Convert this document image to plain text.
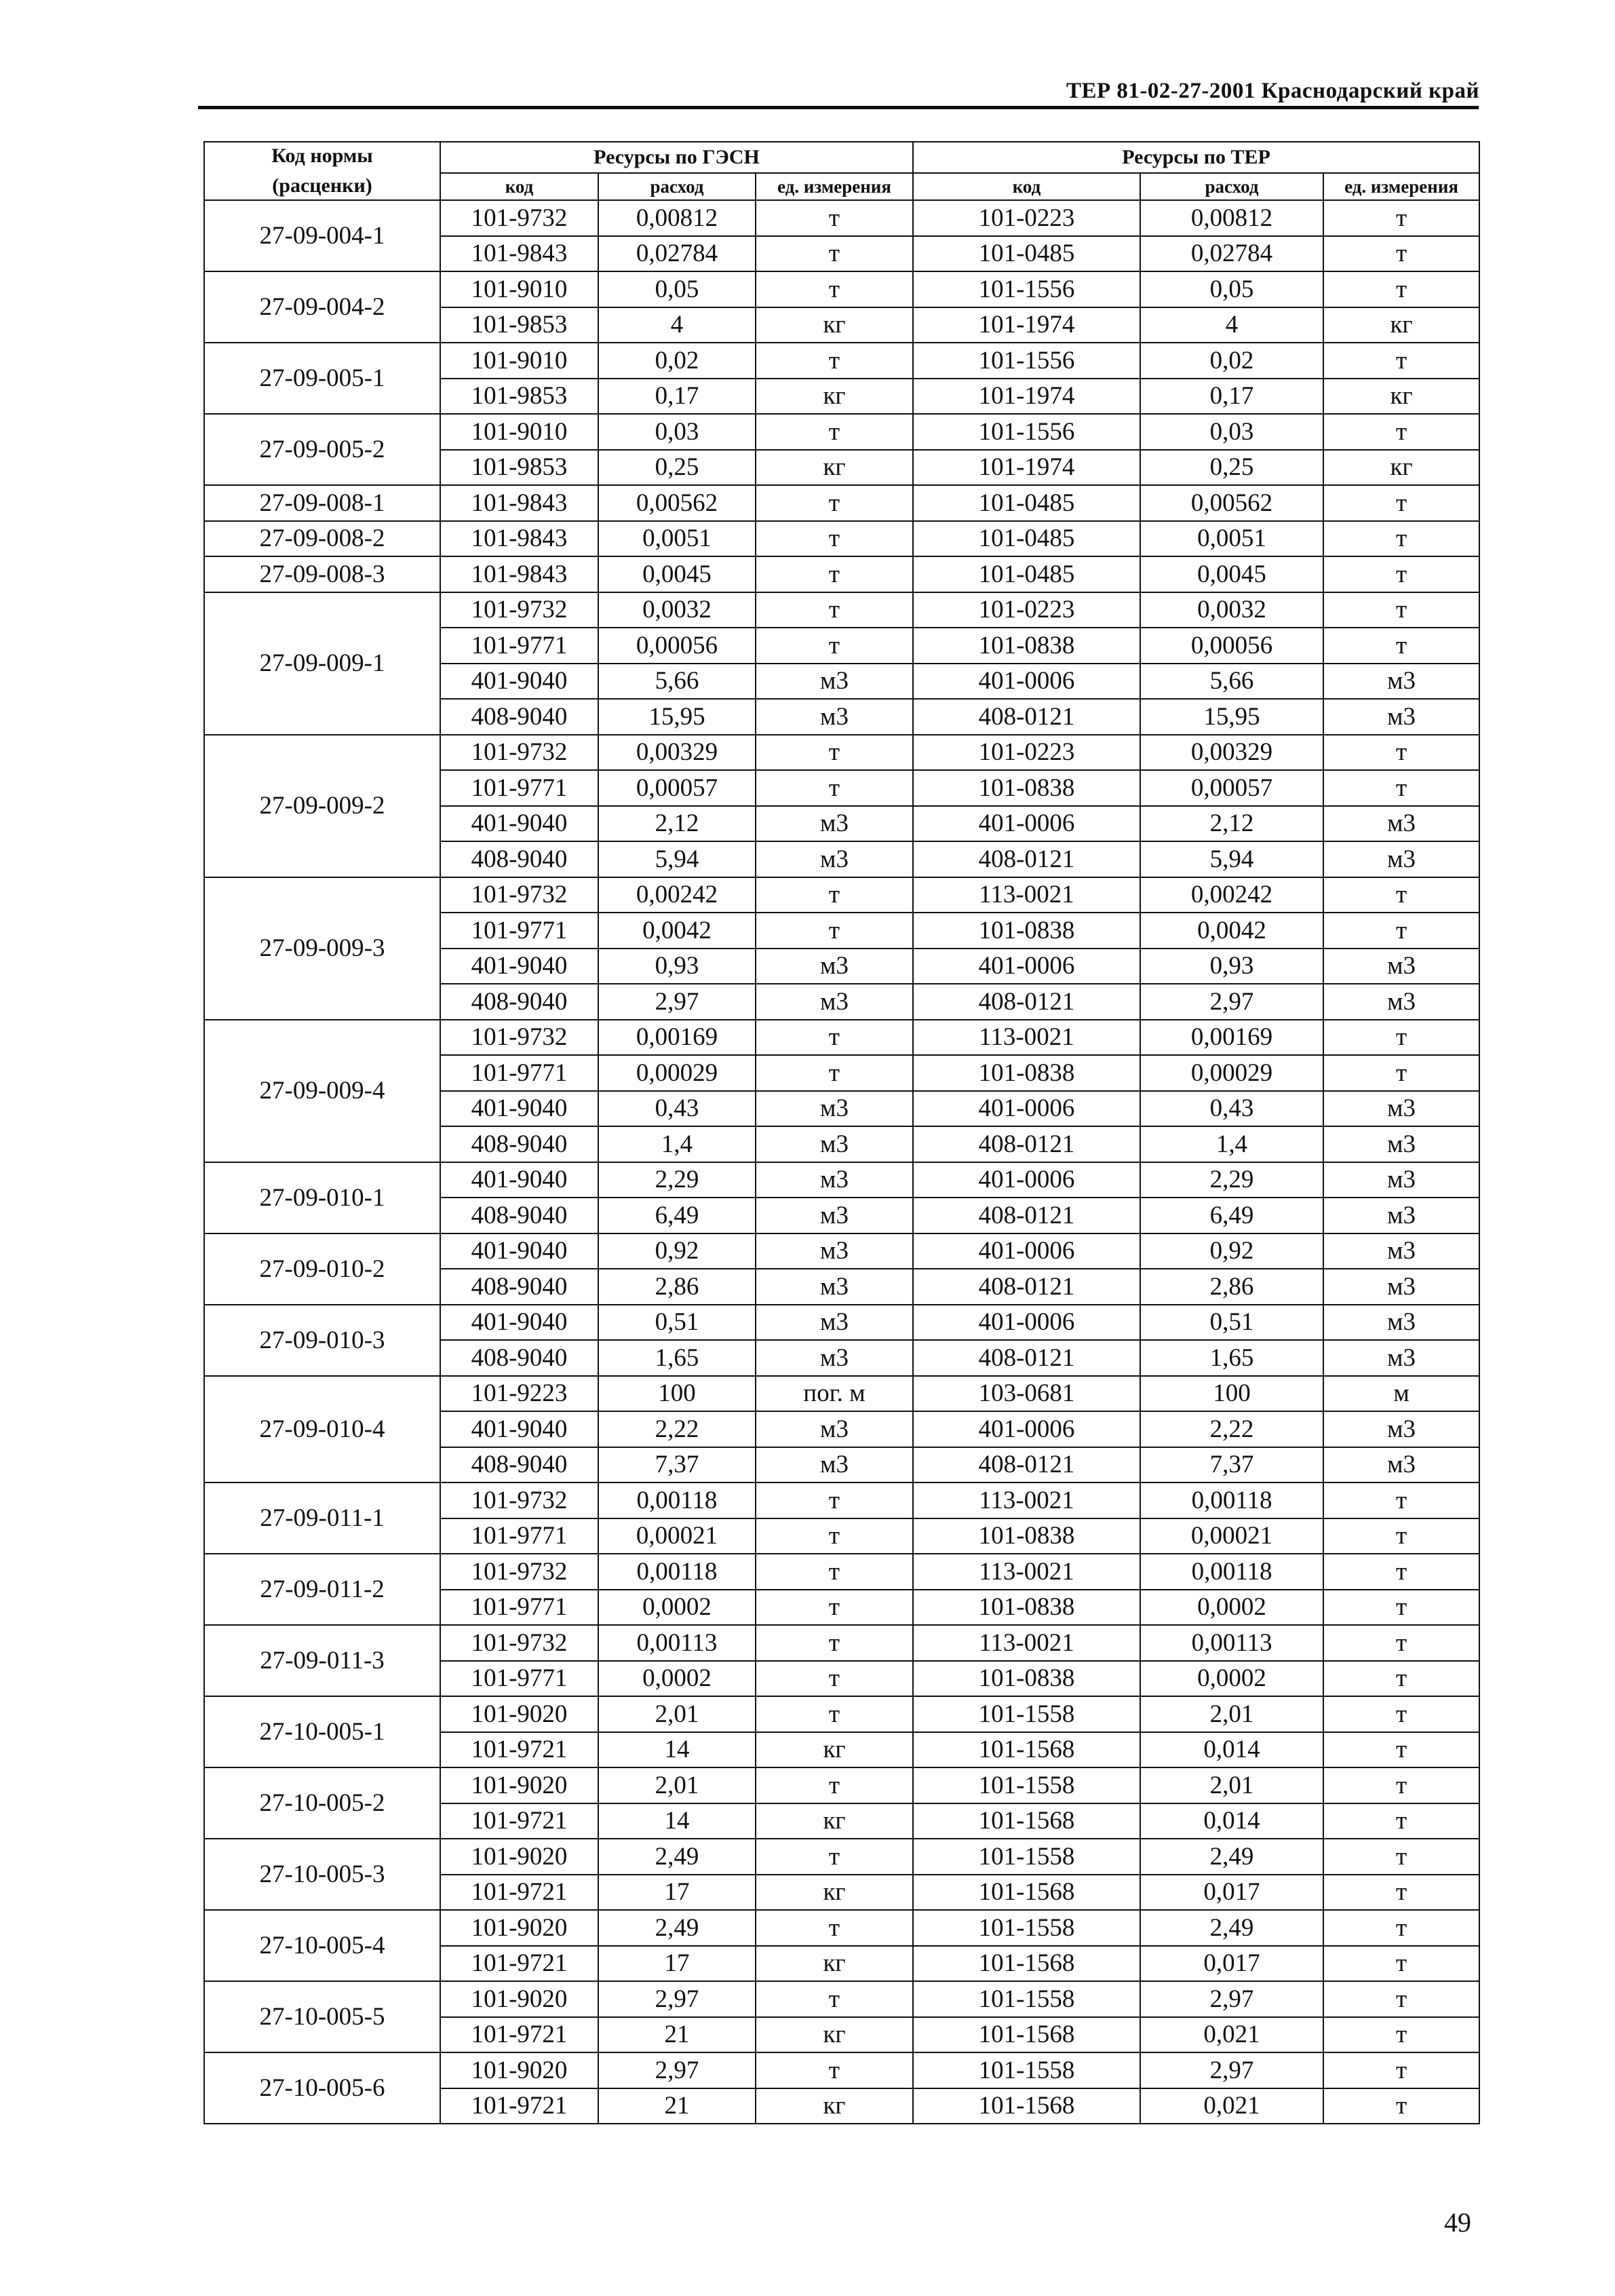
ТЕР 81-02-27-2001 Краснодарский край
Код нормы
(расценки)	Ресурсы по ГЭСН			Ресурсы по ТЕР		
	код	расход	ед. измерения	код	расход	ед. измерения
27-09-004-1	101-9732	0,00812	т	101-0223	0,00812	т
	101-9843	0,02784	т	101-0485	0,02784	т
27-09-004-2	101-9010	0,05	т	101-1556	0,05	т
	101-9853	4	кг	101-1974	4	кг
27-09-005-1	101-9010	0,02	т	101-1556	0,02	т
	101-9853	0,17	кг	101-1974	0,17	кг
27-09-005-2	101-9010	0,03	т	101-1556	0,03	т
	101-9853	0,25	кг	101-1974	0,25	кг
27-09-008-1	101-9843	0,00562	т	101-0485	0,00562	т
27-09-008-2	101-9843	0,0051	т	101-0485	0,0051	т
27-09-008-3	101-9843	0,0045	т	101-0485	0,0045	т
27-09-009-1	101-9732	0,0032	т	101-0223	0,0032	т
	101-9771	0,00056	т	101-0838	0,00056	т
	401-9040	5,66	м3	401-0006	5,66	м3
	408-9040	15,95	м3	408-0121	15,95	м3
27-09-009-2	101-9732	0,00329	т	101-0223	0,00329	т
	101-9771	0,00057	т	101-0838	0,00057	т
	401-9040	2,12	м3	401-0006	2,12	м3
	408-9040	5,94	м3	408-0121	5,94	м3
27-09-009-3	101-9732	0,00242	т	113-0021	0,00242	т
	101-9771	0,0042	т	101-0838	0,0042	т
	401-9040	0,93	м3	401-0006	0,93	м3
	408-9040	2,97	м3	408-0121	2,97	м3
27-09-009-4	101-9732	0,00169	т	113-0021	0,00169	т
	101-9771	0,00029	т	101-0838	0,00029	т
	401-9040	0,43	м3	401-0006	0,43	м3
	408-9040	1,4	м3	408-0121	1,4	м3
27-09-010-1	401-9040	2,29	м3	401-0006	2,29	м3
	408-9040	6,49	м3	408-0121	6,49	м3
27-09-010-2	401-9040	0,92	м3	401-0006	0,92	м3
	408-9040	2,86	м3	408-0121	2,86	м3
27-09-010-3	401-9040	0,51	м3	401-0006	0,51	м3
	408-9040	1,65	м3	408-0121	1,65	м3
27-09-010-4	101-9223	100	пог. м	103-0681	100	м
	401-9040	2,22	м3	401-0006	2,22	м3
	408-9040	7,37	м3	408-0121	7,37	м3
27-09-011-1	101-9732	0,00118	т	113-0021	0,00118	т
	101-9771	0,00021	т	101-0838	0,00021	т
27-09-011-2	101-9732	0,00118	т	113-0021	0,00118	т
	101-9771	0,0002	т	101-0838	0,0002	т
27-09-011-3	101-9732	0,00113	т	113-0021	0,00113	т
	101-9771	0,0002	т	101-0838	0,0002	т
27-10-005-1	101-9020	2,01	т	101-1558	2,01	т
	101-9721	14	кг	101-1568	0,014	т
27-10-005-2	101-9020	2,01	т	101-1558	2,01	т
	101-9721	14	кг	101-1568	0,014	т
27-10-005-3	101-9020	2,49	т	101-1558	2,49	т
	101-9721	17	кг	101-1568	0,017	т
27-10-005-4	101-9020	2,49	т	101-1558	2,49	т
	101-9721	17	кг	101-1568	0,017	т
27-10-005-5	101-9020	2,97	т	101-1558	2,97	т
	101-9721	21	кг	101-1568	0,021	т
27-10-005-6	101-9020	2,97	т	101-1558	2,97	т
	101-9721	21	кг	101-1568	0,021	т
49
